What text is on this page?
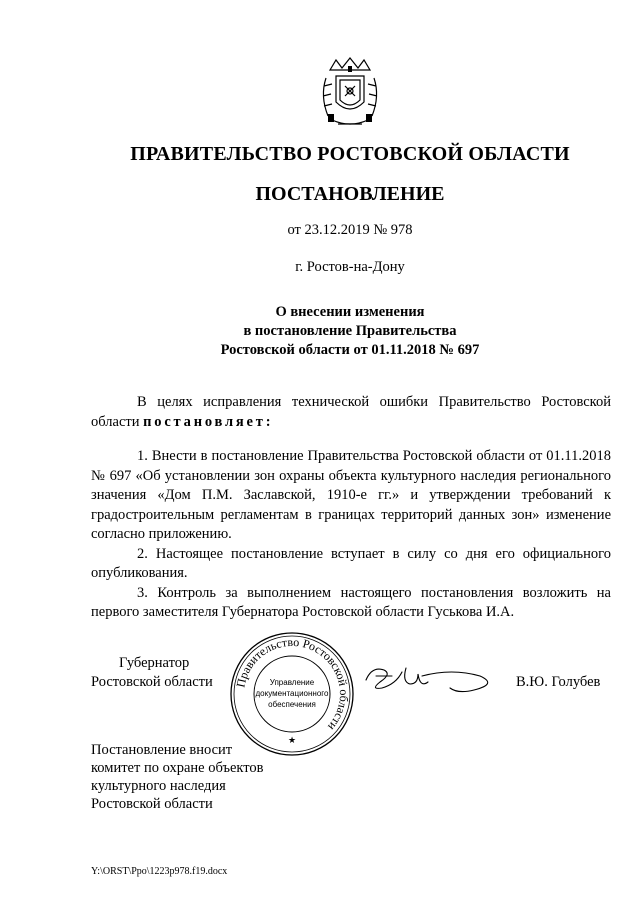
ПРАВИТЕЛЬСТВО РОСТОВСКОЙ ОБЛАСТИ
ПОСТАНОВЛЕНИЕ
от 23.12.2019 № 978
г. Ростов-на-Дону
О внесении изменения
в постановление Правительства
Ростовской области от 01.11.2018 № 697

В целях исправления технической ошибки Правительство Ростовской области постановляет:

1. Внести в постановление Правительства Ростовской области от 01.11.2018 № 697 «Об установлении зон охраны объекта культурного наследия регионального значения «Дом П.М. Заславской, 1910-е гг.» и утверждении требований к градостроительным регламентам в границах территорий данных зон» изменение согласно приложению.

2. Настоящее постановление вступает в силу со дня его официального опубликования.

3. Контроль за выполнением настоящего постановления возложить на первого заместителя Губернатора Ростовской области Гуськова И.А.

Губернатор
Ростовской области Правительство Ростовской области
Управление
документационного
обеспечения
★
В.Ю. Голубев
Постановление вносит
комитет по охране объектов
культурного наследия
Ростовской области
Y:\ORST\Ppo\1223p978.f19.docx
